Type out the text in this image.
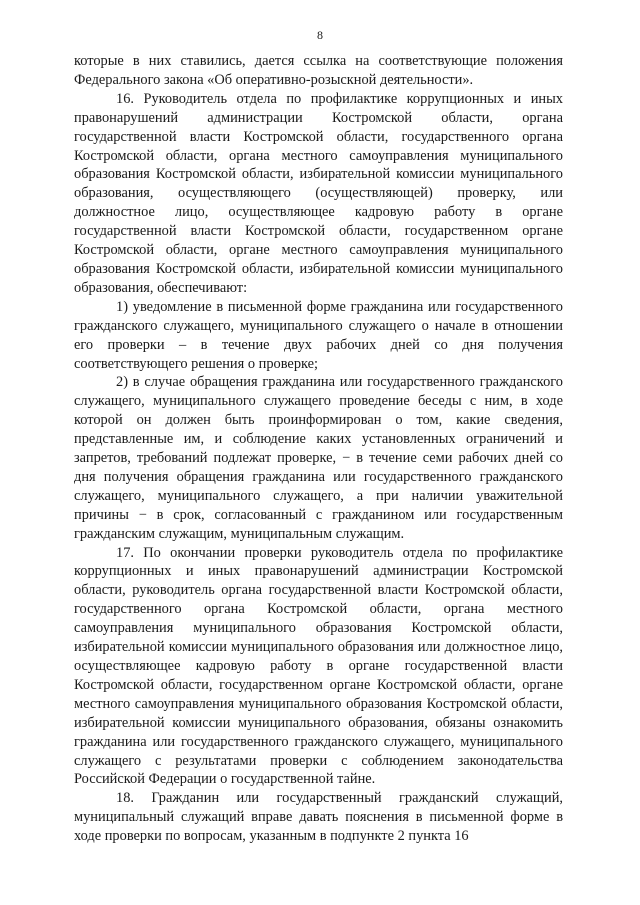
8

которые в них ставились, дается ссылка на соответствующие положения Федерального закона «Об оперативно-розыскной деятельности».

16. Руководитель отдела по профилактике коррупционных и иных правонарушений администрации Костромской области, органа государственной власти Костромской области, государственного органа Костромской области, органа местного самоуправления муниципального образования Костромской области, избирательной комиссии муниципального образования, осуществляющего (осуществляющей) проверку, или должностное лицо, осуществляющее кадровую работу в органе государственной власти Костромской области, государственном органе Костромской области, органе местного самоуправления муниципального образования Костромской области, избирательной комиссии муниципального образования, обеспечивают:

1) уведомление в письменной форме гражданина или государственного гражданского служащего, муниципального служащего о начале в отношении его проверки – в течение двух рабочих дней со дня получения соответствующего решения о проверке;

2) в случае обращения гражданина или государственного гражданского служащего, муниципального служащего проведение беседы с ним, в ходе которой он должен быть проинформирован о том, какие сведения, представленные им, и соблюдение каких установленных ограничений и запретов, требований подлежат проверке, − в течение семи рабочих дней со дня получения обращения гражданина или государственного гражданского служащего, муниципального служащего, а при наличии уважительной причины − в срок, согласованный с гражданином или государственным гражданским служащим, муниципальным служащим.

17. По окончании проверки руководитель отдела по профилактике коррупционных и иных правонарушений администрации Костромской области, руководитель органа государственной власти Костромской области, государственного органа Костромской области, органа местного самоуправления муниципального образования Костромской области, избирательной комиссии муниципального образования или должностное лицо, осуществляющее кадровую работу в органе государственной власти Костромской области, государственном органе Костромской области, органе местного самоуправления муниципального образования Костромской области, избирательной комиссии муниципального образования, обязаны ознакомить гражданина или государственного гражданского служащего, муниципального служащего с результатами проверки с соблюдением законодательства Российской Федерации о государственной тайне.

18. Гражданин или государственный гражданский служащий, муниципальный служащий вправе давать пояснения в письменной форме в ходе проверки по вопросам, указанным в подпункте 2 пункта 16
